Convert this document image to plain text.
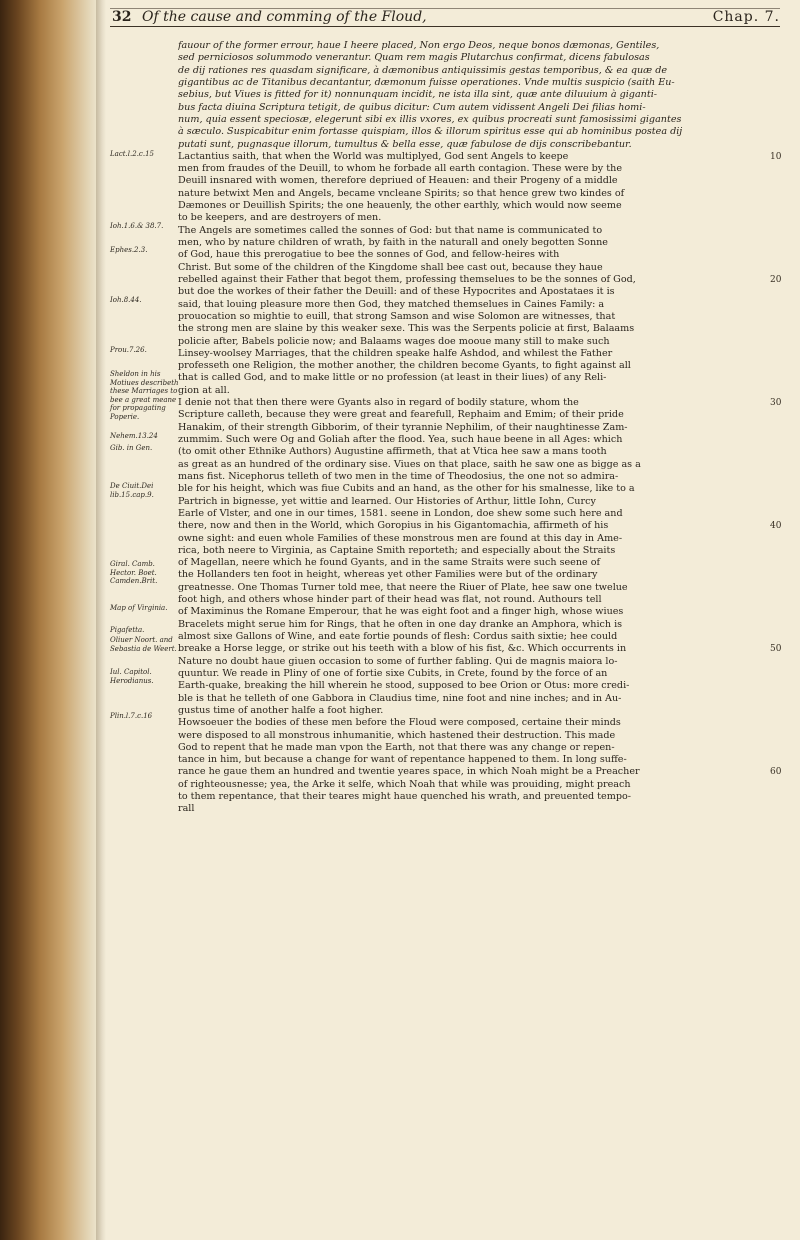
32 Of the cause and comming of the Floud,	Chap. 7.
fauour of the former errour, haue I heere placed, Non ergo Deos, neque bonos dæmonas, Gentiles,
sed perniciosos solummodo venerantur. Quam rem magis Plutarchus confirmat, dicens fabulosas
de dij rationes res quasdam significare, à dæmonibus antiquissimis gestas temporibus, & ea quæ de
gigantibus ac de Titanibus decantantur, dæmonum fuisse operationes. Vnde multis suspicio (saith Eu-
sebius, but Viues is fitted for it) nonnunquam incidit, ne ista illa sint, quæ ante diluuium à giganti-
bus facta diuina Scriptura tetigit, de quibus dicitur: Cum autem vidissent Angeli Dei filias homi-
num, quia essent speciosæ, elegerunt sibi ex illis vxores, ex quibus procreati sunt famosissimi gigantes
à sæculo. Suspicabitur enim fortasse quispiam, illos & illorum spiritus esse qui ab hominibus postea dij
putati sunt, pugnasque illorum, tumultus & bella esse, quæ fabulose de dijs conscribebantur.
Lactantius saith, that when the World was multiplyed, God sent Angels to keepe
men from fraudes of the Deuill, to whom he forbade all earth contagion. These were by the
Deuill insnared with women, therefore depriued of Heauen: and their Progeny of a middle
nature betwixt Men and Angels, became vncleane Spirits; so that hence grew two kindes of
Dæmones or Deuillish Spirits; the one heauenly, the other earthly, which would now seeme
to be keepers, and are destroyers of men.
The Angels are sometimes called the sonnes of God: but that name is communicated to
men, who by nature children of wrath, by faith in the naturall and onely begotten Sonne
of God, haue this prerogatiue to bee the sonnes of God, and fellow-heires with
Christ. But some of the children of the Kingdome shall bee cast out, because they haue
rebelled against their Father that begot them, professing themselues to be the sonnes of God,
but doe the workes of their father the Deuill: and of these Hypocrites and Apostataes it is
said, that louing pleasure more then God, they matched themselues in Caines Family: a
prouocation so mightie to euill, that strong Samson and wise Solomon are witnesses, that
the strong men are slaine by this weaker sexe. This was the Serpents policie at first, Balaams
policie after, Babels policie now; and Balaams wages doe mooue many still to make such
Linsey-woolsey Marriages, that the children speake halfe Ashdod, and whilest the Father
professeth one Religion, the mother another, the children become Gyants, to fight against all
that is called God, and to make little or no profession (at least in their liues) of any Reli-
gion at all.
I denie not that then there were Gyants also in regard of bodily stature, whom the
Scripture calleth, because they were great and fearefull, Rephaim and Emim; of their pride
Hanakim, of their strength Gibborim, of their tyrannie Nephilim, of their naughtinesse Zam-
zummim. Such were Og and Goliah after the flood. Yea, such haue beene in all Ages: which
(to omit other Ethnike Authors) Augustine affirmeth, that at Vtica hee saw a mans tooth
as great as an hundred of the ordinary sise. Viues on that place, saith he saw one as bigge as a
mans fist. Nicephorus telleth of two men in the time of Theodosius, the one not so admira-
ble for his height, which was fiue Cubits and an hand, as the other for his smalnesse, like to a
Partrich in bignesse, yet wittie and learned. Our Histories of Arthur, little Iohn, Curcy
Earle of Vlster, and one in our times, 1581. seene in London, doe shew some such here and
there, now and then in the World, which Goropius in his Gigantomachia, affirmeth of his
owne sight: and euen whole Families of these monstrous men are found at this day in Ame-
rica, both neere to Virginia, as Captaine Smith reporteth; and especially about the Straits
of Magellan, neere which he found Gyants, and in the same Straits were such seene of
the Hollanders ten foot in height, whereas yet other Families were but of the ordinary
greatnesse. One Thomas Turner told mee, that neere the Riuer of Plate, hee saw one twelue
foot high, and others whose hinder part of their head was flat, not round. Authours tell
of Maximinus the Romane Emperour, that he was eight foot and a finger high, whose wiues
Bracelets might serue him for Rings, that he often in one day dranke an Amphora, which is
almost sixe Gallons of Wine, and eate fortie pounds of flesh: Cordus saith sixtie; hee could
breake a Horse legge, or strike out his teeth with a blow of his fist, &c. Which occurrents in
Nature no doubt haue giuen occasion to some of further fabling. Qui de magnis maiora lo-
quuntur. We reade in Pliny of one of fortie sixe Cubits, in Crete, found by the force of an
Earth-quake, breaking the hill wherein he stood, supposed to bee Orion or Otus: more credi-
ble is that he telleth of one Gabbora in Claudius time, nine foot and nine inches; and in Au-
gustus time of another halfe a foot higher.
Howsoeuer the bodies of these men before the Floud were composed, certaine their minds
were disposed to all monstrous inhumanitie, which hastened their destruction. This made
God to repent that he made man vpon the Earth, not that there was any change or repen-
tance in him, but because a change for want of repentance happened to them. In long suffe-
rance he gaue them an hundred and twentie yeares space, in which Noah might be a Preacher
of righteousnesse; yea, the Arke it selfe, which Noah that while was prouiding, might preach
to them repentance, that their teares might haue quenched his wrath, and preuented tempo-
rall
Lact.l.2.c.15
Ioh.1.6.& 38.7.
Ephes.2.3.
Ioh.8.44.
Prou.7.26.
Sheldon in his Motiues describeth these Marriages to bee a great meane for propagating Poperie.
Nehem.13.24
Gib. in Gen.
De Ciuit.Dei lib.15.cap.9.
Giral. Camb. Hector. Boet. Camden.Brit.
Map of Virginia.
Pigafetta.
Oliuer Noort. and Sebastia de Weert.
Iul. Capitol. Herodianus.
Plin.l.7.c.16
10
20
30
40
50
60
